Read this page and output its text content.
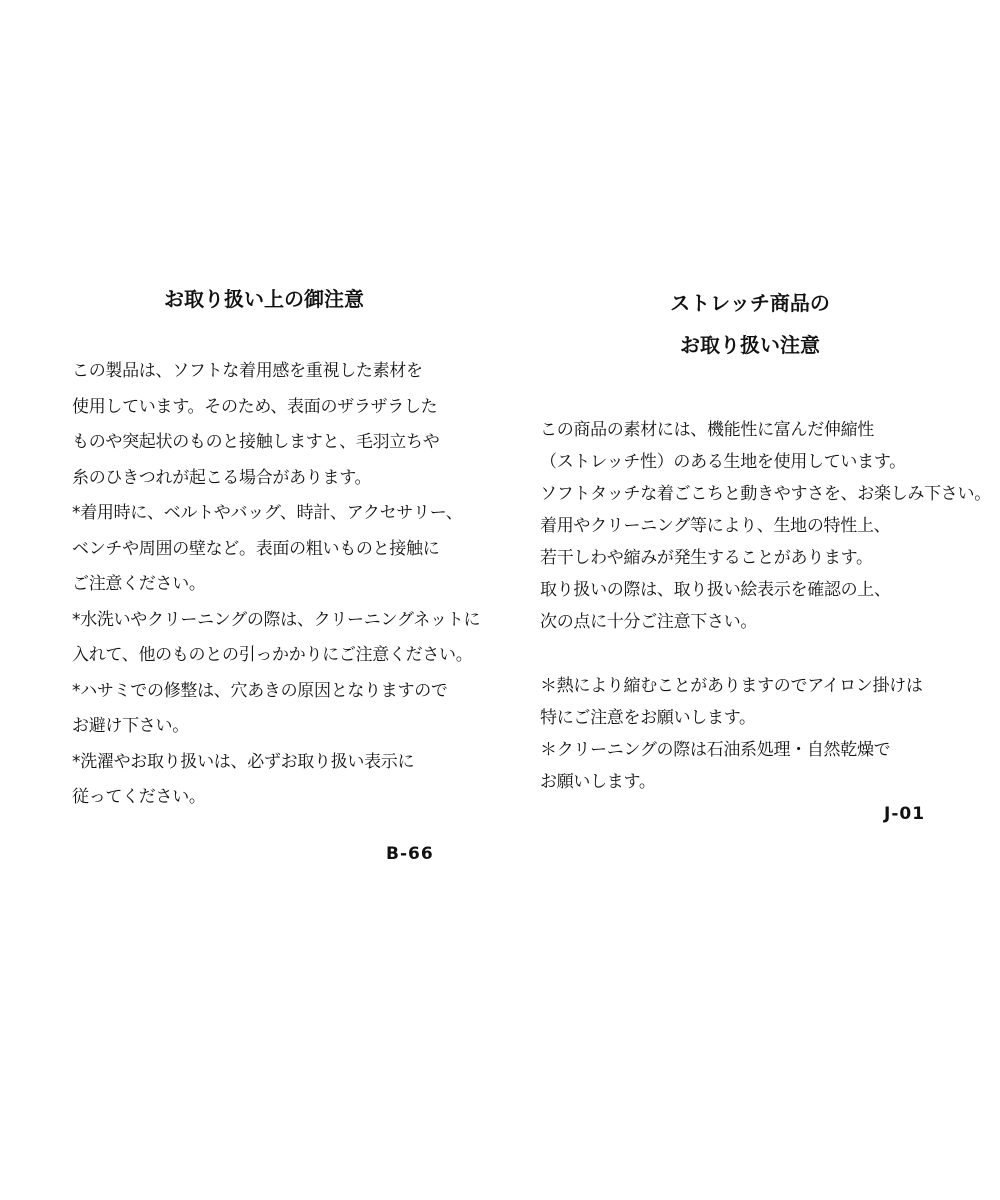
お取り扱い上の御注意
この製品は、ソフトな着用感を重視した素材を
使用しています。そのため、表面のザラザラした
ものや突起状のものと接触しますと、毛羽立ちや
糸のひきつれが起こる場合があります。
*着用時に、ベルトやバッグ、時計、アクセサリー、
ベンチや周囲の壁など。表面の粗いものと接触に
ご注意ください。
*水洗いやクリーニングの際は、クリーニングネットに
入れて、他のものとの引っかかりにご注意ください。
*ハサミでの修整は、穴あきの原因となりますので
お避け下さい。
*洗濯やお取り扱いは、必ずお取り扱い表示に
従ってください。
B-66
ストレッチ商品の
お取り扱い注意
この商品の素材には、機能性に富んだ伸縮性
（ストレッチ性）のある生地を使用しています。
ソフトタッチな着ごこちと動きやすさを、お楽しみ下さい。
着用やクリーニング等により、生地の特性上、
若干しわや縮みが発生することがあります。
取り扱いの際は、取り扱い絵表示を確認の上、
次の点に十分ご注意下さい。
＊熱により縮むことがありますのでアイロン掛けは
特にご注意をお願いします。
＊クリーニングの際は石油系処理・自然乾燥で
お願いします。
J-01
